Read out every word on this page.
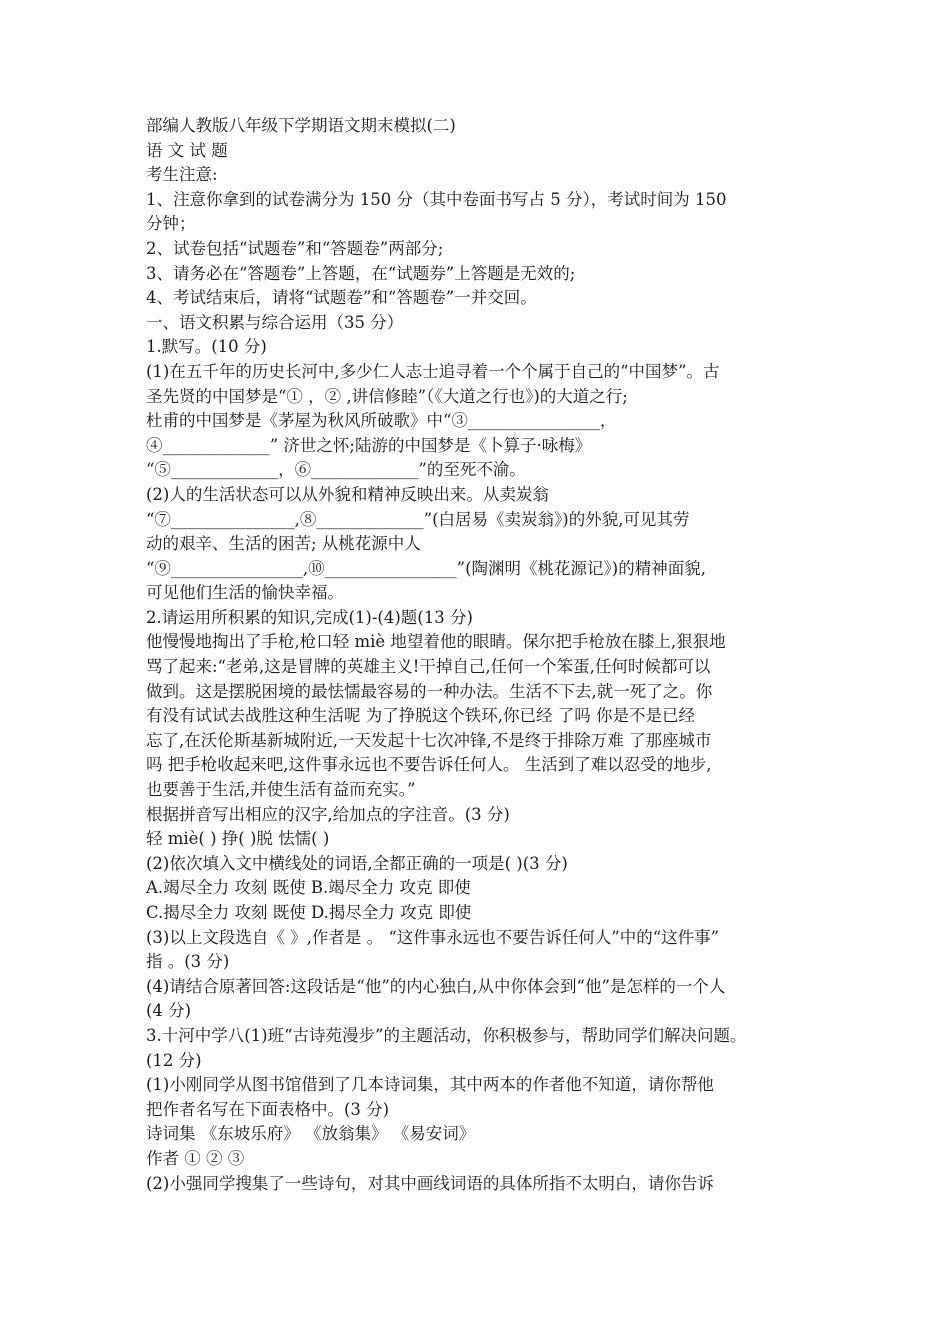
部编人教版八年级下学期语文期末模拟(二)
语 文 试 题
考生注意:
1、注意你拿到的试卷满分为 150 分（其中卷面书写占 5 分），考试时间为 150
分钟；
2、试卷包括“试题卷”和“答题卷”两部分;
3、请务必在“答题卷”上答题，在“试题券”上答题是无效的;
4、考试结束后，请将“试题卷”和“答题卷”一并交回。
一、语文积累与综合运用（35 分）
1.默写。(10 分)
(1)在五千年的历史长河中,多少仁人志士追寻着一个个属于自己的“中国梦”。古
圣先贤的中国梦是“① ，② ,讲信修睦”（《大道之行也》)的大道之行;
杜甫的中国梦是《茅屋为秋风所破歌》中“③________________，
④_____________” 济世之怀;陆游的中国梦是《卜算子·咏梅》
“⑤_____________，⑥_____________”的至死不渝。
(2)人的生活状态可以从外貌和精神反映出来。从卖炭翁
“⑦_______________,⑧_____________”(白居易《卖炭翁》)的外貌,可见其劳
动的艰辛、生活的困苦; 从桃花源中人
“⑨________________,⑩________________”(陶渊明《桃花源记》)的精神面貌,
可见他们生活的愉快幸福。
2.请运用所积累的知识,完成(1)-(4)题(13 分)
他慢慢地掏出了手枪,枪口轻 miè 地望着他的眼睛。保尔把手枪放在膝上,狠狠地
骂了起来:“老弟,这是冒牌的英雄主义!干掉自己,任何一个笨蛋,任何时候都可以
做到。这是摆脱困境的最怯懦最容易的一种办法。生活不下去,就一死了之。你
有没有试试去战胜这种生活呢 为了挣脱这个铁环,你已经 了吗 你是不是已经
忘了,在沃伦斯基新城附近,一天发起十七次冲锋,不是终于排除万难 了那座城市
吗 把手枪收起来吧,这件事永远也不要告诉任何人。 生活到了难以忍受的地步,
也要善于生活,并使生活有益而充实。”
根据拼音写出相应的汉字,给加点的字注音。(3 分)
轻 miè( ) 挣( )脱 怯懦( )
(2)依次填入文中横线处的词语,全都正确的一项是( )(3 分)
A.竭尽全力 攻刻 既使 B.竭尽全力 攻克 即使
C.揭尽全力 攻刻 既使 D.揭尽全力 攻克 即使
(3)以上文段选自《 》,作者是 。 “这件事永远也不要告诉任何人”中的“这件事”
指 。(3 分)
(4)请结合原著回答:这段话是“他”的内心独白,从中你体会到“他”是怎样的一个人
(4 分)
3.十河中学八(1)班“古诗苑漫步”的主题活动，你积极参与，帮助同学们解决问题。
(12 分)
(1)小刚同学从图书馆借到了几本诗词集，其中两本的作者他不知道，请你帮他
把作者名写在下面表格中。(3 分)
诗词集 《东坡乐府》 《放翁集》 《易安词》
作者 ① ② ③
(2)小强同学搜集了一些诗句，对其中画线词语的具体所指不太明白，请你告诉
